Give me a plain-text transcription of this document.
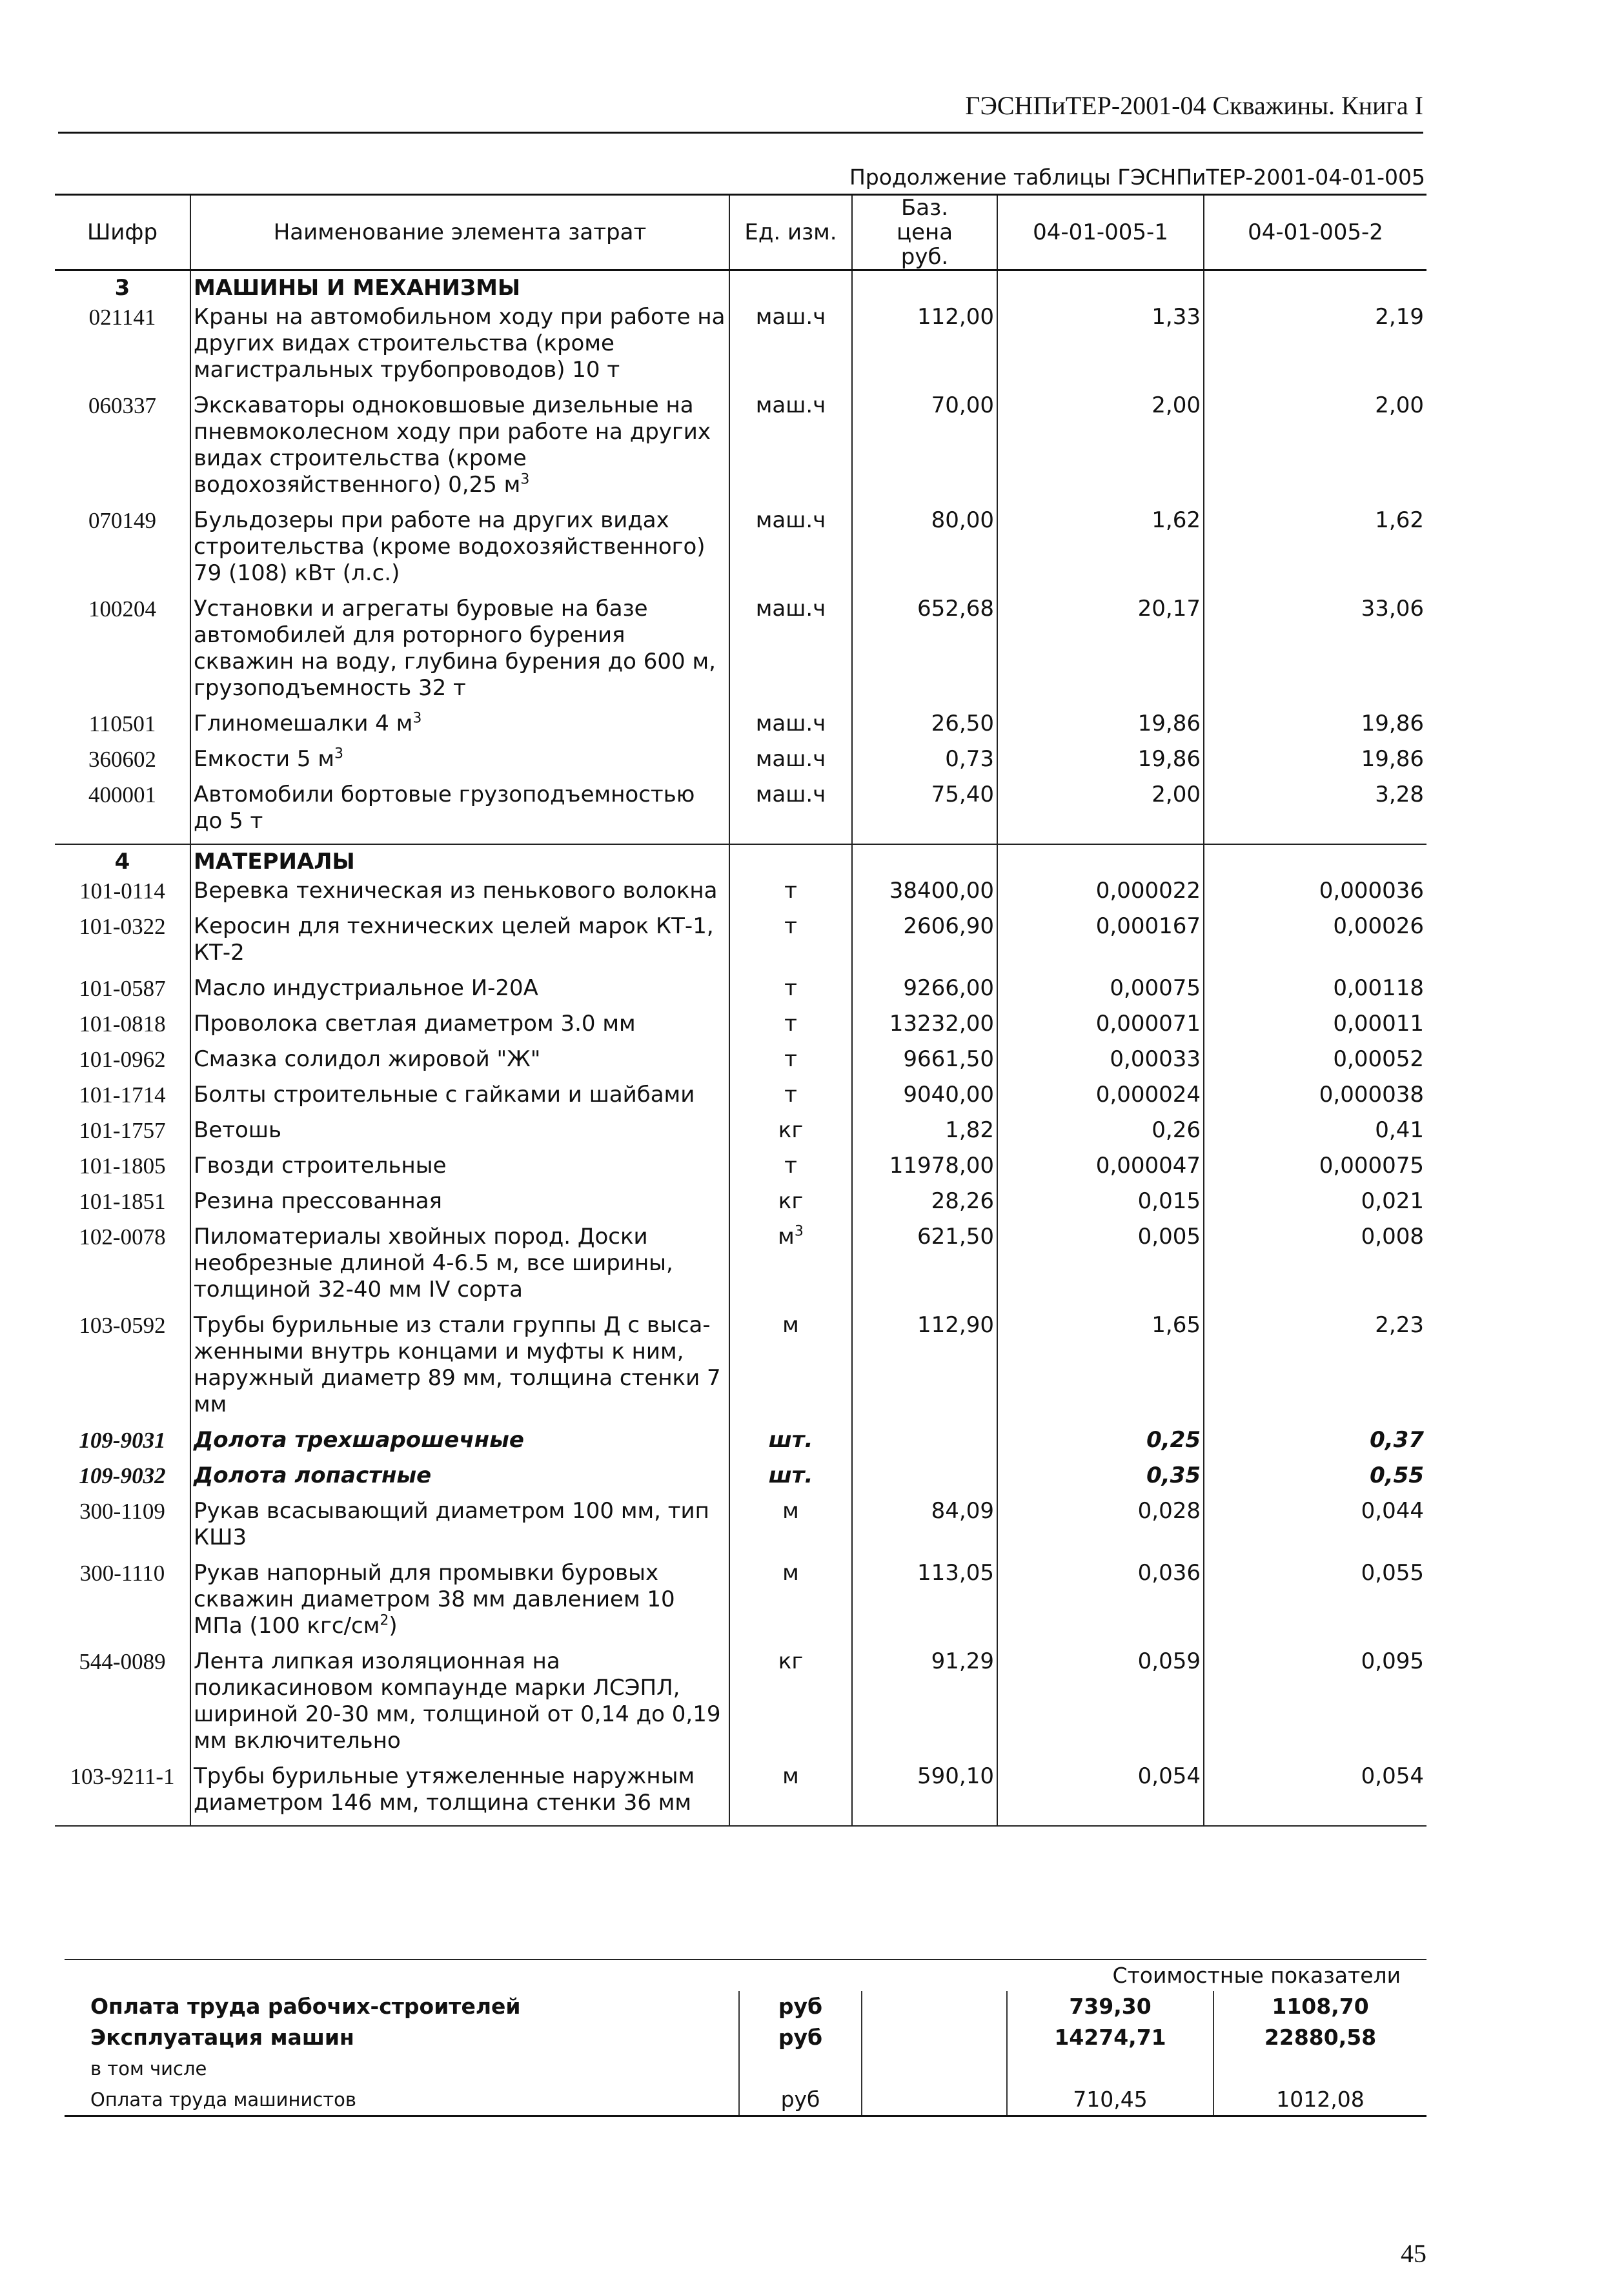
ГЭСНПиТЕР-2001-04 Скважины. Книга I
Продолжение таблицы ГЭСНПиТЕР-2001-04-01-005
Шифр	Наименование элемента затрат	Ед. изм.	Баз. цена руб.	04-01-005-1	04-01-005-2
3	МАШИНЫ И МЕХАНИЗМЫ				
021141	Краны на автомобильном ходу при работе на других видах строительства (кроме магистральных трубопроводов) 10 т	маш.ч	112,00	1,33	2,19
060337	Экскаваторы одноковшовые дизельные на пневмоколесном ходу при работе на других видах строительства (кроме водохозяйственного) 0,25 $м^3$	маш.ч	70,00	2,00	2,00
070149	Бульдозеры при работе на других видах строительства (кроме водохозяйственного) 79 (108) кВт (л.с.)	маш.ч	80,00	1,62	1,62
100204	Установки и агрегаты буровые на базе автомобилей для роторного бурения скважин на воду, глубина бурения до 600 м, грузоподъемность 32 т	маш.ч	652,68	20,17	33,06
110501	Глиномешалки 4 $м^3$	маш.ч	26,50	19,86	19,86
360602	Емкости 5 $м^3$	маш.ч	0,73	19,86	19,86
400001	Автомобили бортовые грузоподъемностью до 5 т	маш.ч	75,40	2,00	3,28
4	МАТЕРИАЛЫ				
101-0114	Веревка техническая из пенькового волокна	т	38400,00	0,000022	0,000036
101-0322	Керосин для технических целей марок КТ-1, КТ-2	т	2606,90	0,000167	0,00026
101-0587	Масло индустриальное И-20А	т	9266,00	0,00075	0,00118
101-0818	Проволока светлая диаметром 3.0 мм	т	13232,00	0,000071	0,00011
101-0962	Смазка солидол жировой "Ж"	т	9661,50	0,00033	0,00052
101-1714	Болты строительные с гайками и шайбами	т	9040,00	0,000024	0,000038
101-1757	Ветошь	кг	1,82	0,26	0,41
101-1805	Гвозди строительные	т	11978,00	0,000047	0,000075
101-1851	Резина прессованная	кг	28,26	0,015	0,021
102-0078	Пиломатериалы хвойных пород. Доски необрезные длиной 4-6.5 м, все ширины, толщиной 32-40 мм IV сорта	$м^3$	621,50	0,005	0,008
103-0592	Трубы бурильные из стали группы Д с выса-женными внутрь концами и муфты к ним, наружный диаметр 89 мм, толщина стенки 7 мм	м	112,90	1,65	2,23
109-9031	Долота трехшарошечные	шт.		0,25	0,37
109-9032	Долота лопастные	шт.		0,35	0,55
300-1109	Рукав всасывающий диаметром 100 мм, тип КШ3	м	84,09	0,028	0,044
300-1110	Рукав напорный для промывки буровых скважин диаметром 38 мм давлением 10 МПа (100 кгс/$см^2$)	м	113,05	0,036	0,055
544-0089	Лента липкая изоляционная на поликасиновом компаунде марки ЛСЭПЛ, шириной 20-30 мм, толщиной от 0,14 до 0,19 мм включительно	кг	91,29	0,059	0,095
103-9211-1	Трубы бурильные утяжеленные наружным диаметром 146 мм, толщина стенки 36 мм	м	590,10	0,054	0,054
Стоимостные показатели				
Оплата труда рабочих-строителей	руб		739,30	1108,70
Эксплуатация машин	руб		14274,71	22880,58
в том числе				
Оплата труда машинистов	руб		710,45	1012,08
45
